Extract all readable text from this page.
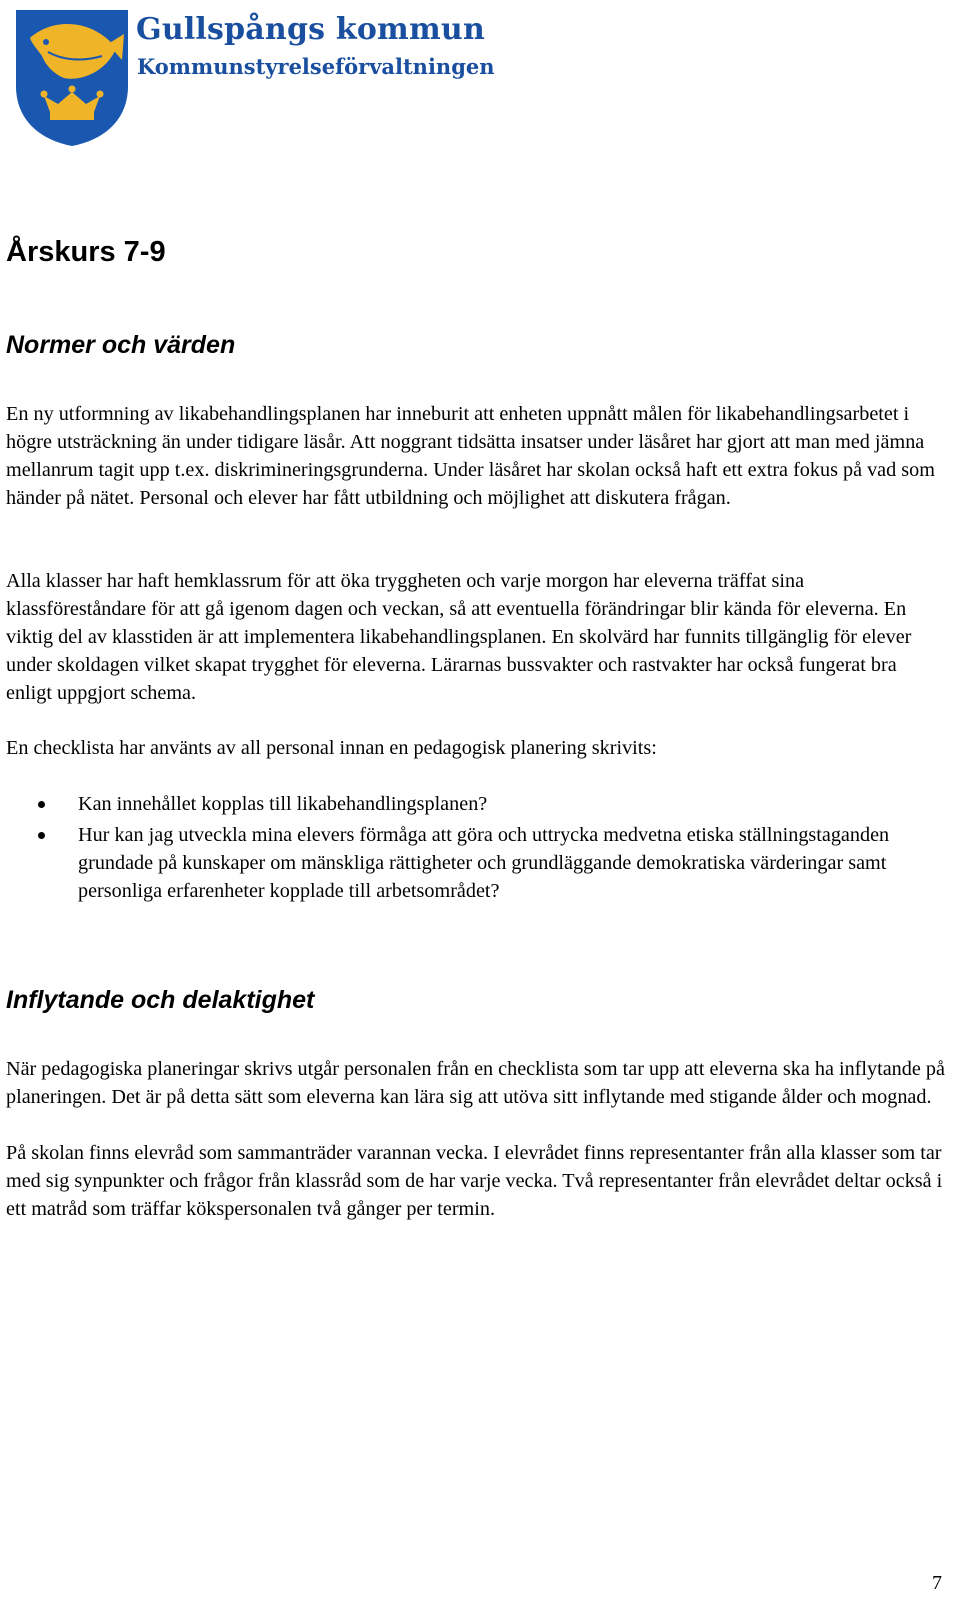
Gullspångs kommun
Kommunstyrelseförvaltningen
Årskurs 7-9
Normer och värden

En ny utformning av likabehandlingsplanen har inneburit att enheten uppnått målen för likabehandlingsarbetet i högre utsträckning än under tidigare läsår. Att noggrant tidsätta insatser under läsåret har gjort att man med jämna mellanrum tagit upp t.ex. diskrimineringsgrunderna. Under läsåret har skolan också haft ett extra fokus på vad som händer på nätet. Personal och elever har fått utbildning och möjlighet att diskutera frågan.

Alla klasser har haft hemklassrum för att öka tryggheten och varje morgon har eleverna träffat sina klassföreståndare för att gå igenom dagen och veckan, så att eventuella förändringar blir kända för eleverna. En viktig del av klasstiden är att implementera likabehandlingsplanen. En skolvärd har funnits tillgänglig för elever under skoldagen vilket skapat trygghet för eleverna. Lärarnas bussvakter och rastvakter har också fungerat bra enligt uppgjort schema.

En checklista har använts av all personal innan en pedagogisk planering skrivits:

Kan innehållet kopplas till likabehandlingsplanen?
Hur kan jag utveckla mina elevers förmåga att göra och uttrycka medvetna etiska ställningstaganden grundade på kunskaper om mänskliga rättigheter och grundläggande demokratiska värderingar samt personliga erfarenheter kopplade till arbetsområdet?
Inflytande och delaktighet

När pedagogiska planeringar skrivs utgår personalen från en checklista som tar upp att eleverna ska ha inflytande på planeringen. Det är på detta sätt som eleverna kan lära sig att utöva sitt inflytande med stigande ålder och mognad.

På skolan finns elevråd som sammanträder varannan vecka. I elevrådet finns representanter från alla klasser som tar med sig synpunkter och frågor från klassråd som de har varje vecka. Två representanter från elevrådet deltar också i ett matråd som träffar kökspersonalen två gånger per termin.

7
